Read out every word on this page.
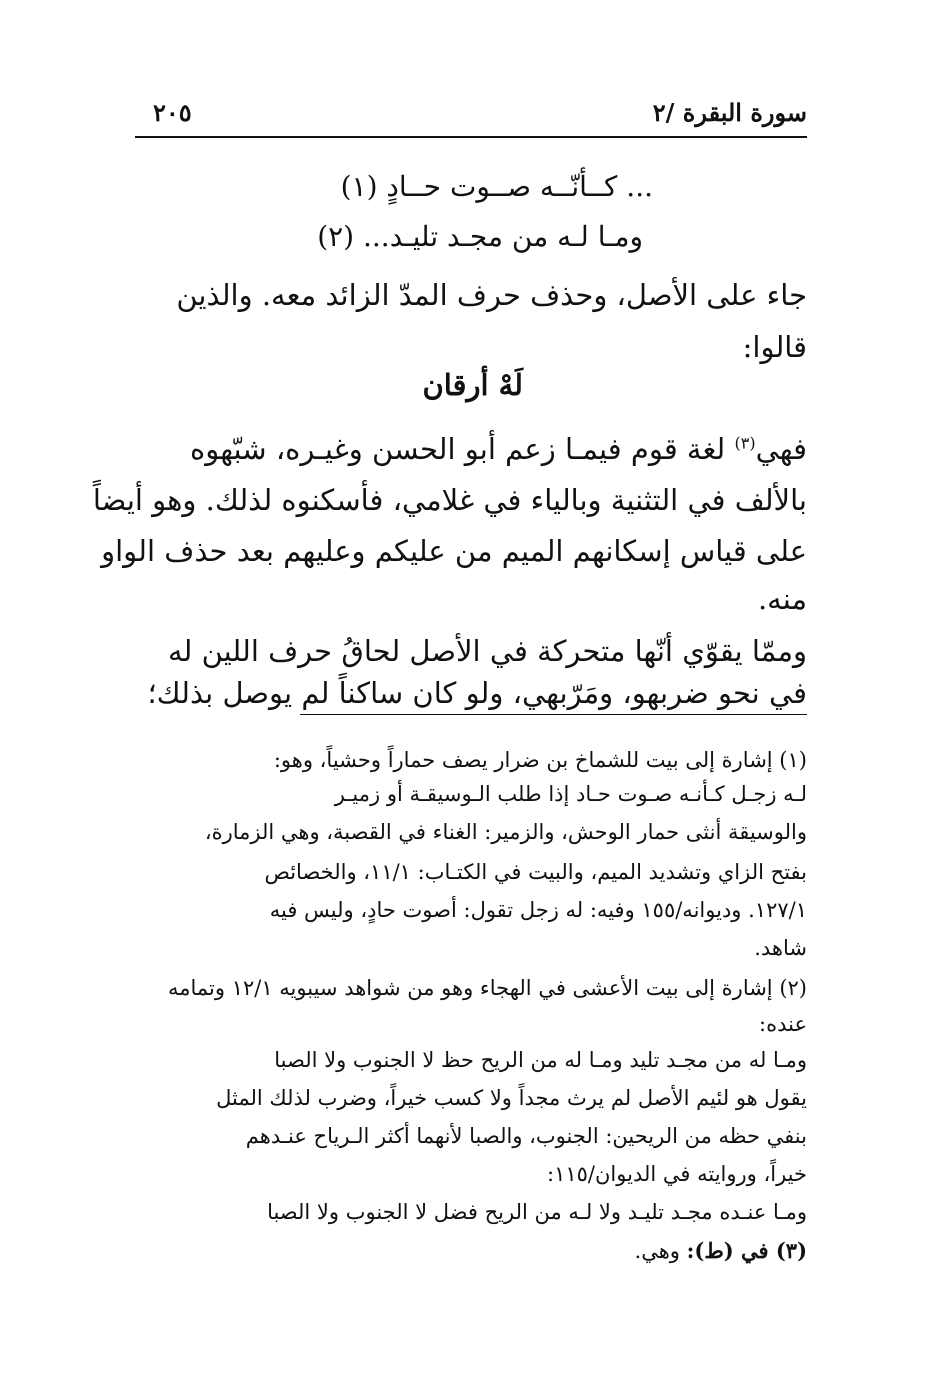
سورة البقرة /٢
٢٠٥
... كــأنّــه صــوت حــادٍ (١)
ومـا لـه من مجـد تليـد... (٢)
جاء على الأصل، وحذف حرف المدّ الزائد معه. والذين
قالوا:
لَهْ أرقان
فهي$^{(٣)}$ لغة قوم فيمـا زعم أبو الحسن وغيـره، شبّهوه
بالألف في التثنية وبالياء في غلامي، فأسكنوه لذلك. وهو أيضاً
على قياس إسكانهم الميم من عليكم وعليهم بعد حذف الواو
منه.
وممّا يقوّي أنّها متحركة في الأصل لحاقُ حرف اللين له
في نحو ضربهو، ومَرّبهي، ولو كان ساكناً لم يوصل بذلك؛
(١) إشارة إلى بيت للشماخ بن ضرار يصف حماراً وحشياً، وهو:
لـه زجـل كـأنـه صـوت حـاد إذا طلب الـوسيقـة أو زميـر
والوسيقة أنثى حمار الوحش، والزمير: الغناء في القصبة، وهي الزمارة،
بفتح الزاي وتشديد الميم، والبيت في الكتـاب: ١١/١، والخصائص
١٢٧/١. وديوانه/١٥٥ وفيه: له زجل تقول: أصوت حادٍ، وليس فيه
شاهد.
(٢) إشارة إلى بيت الأعشى في الهجاء وهو من شواهد سيبويه ١٢/١ وتمامه
عنده:
ومـا له من مجـد تليد ومـا له من الريح حظ لا الجنوب ولا الصبا
يقول هو لئيم الأصل لم يرث مجداً ولا كسب خيراً، وضرب لذلك المثل
بنفي حظه من الريحين: الجنوب، والصبا لأنهما أكثر الـرياح عنـدهم
خيراً، وروايته في الديوان/١١٥:
ومـا عنـده مجـد تليـد ولا لـه من الريح فضل لا الجنوب ولا الصبا
(٣) في (ط): وهي.
